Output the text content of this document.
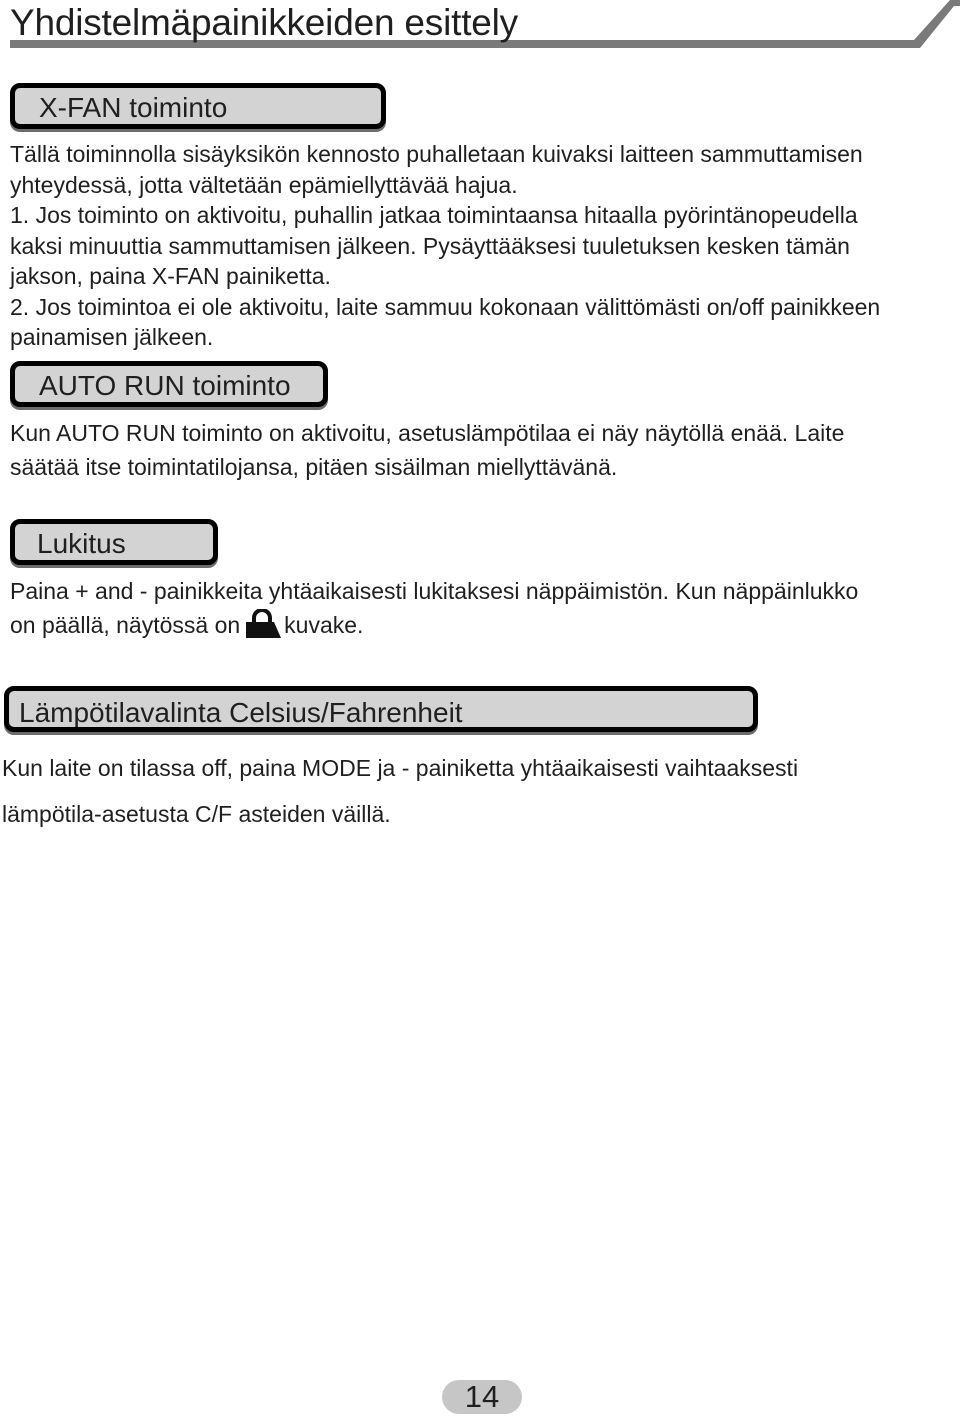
Yhdistelmäpainikkeiden esittely
X-FAN toiminto
Tällä toiminnolla sisäyksikön kennosto puhalletaan kuivaksi laitteen sammuttamisen
yhteydessä, jotta vältetään epämiellyttävää hajua.
1. Jos toiminto on aktivoitu, puhallin jatkaa toimintaansa hitaalla pyörintänopeudella
kaksi minuuttia sammuttamisen jälkeen. Pysäyttääksesi tuuletuksen kesken tämän
jakson, paina X-FAN painiketta.
2. Jos toimintoa ei ole aktivoitu, laite sammuu kokonaan välittömästi on/off painikkeen
painamisen jälkeen.
AUTO RUN toiminto
Kun AUTO RUN toiminto on aktivoitu, asetuslämpötilaa ei näy näytöllä enää. Laite
säätää itse toimintatilojansa, pitäen sisäilman miellyttävänä.
Lukitus
Paina + and - painikkeita yhtäaikaisesti lukitaksesi näppäimistön. Kun näppäinlukko
on päällä, näytössä on kuvake.
Lämpötilavalinta Celsius/Fahrenheit
Kun laite on tilassa off, paina MODE ja - painiketta yhtäaikaisesti vaihtaaksesti
lämpötila-asetusta C/F asteiden väillä.
14
